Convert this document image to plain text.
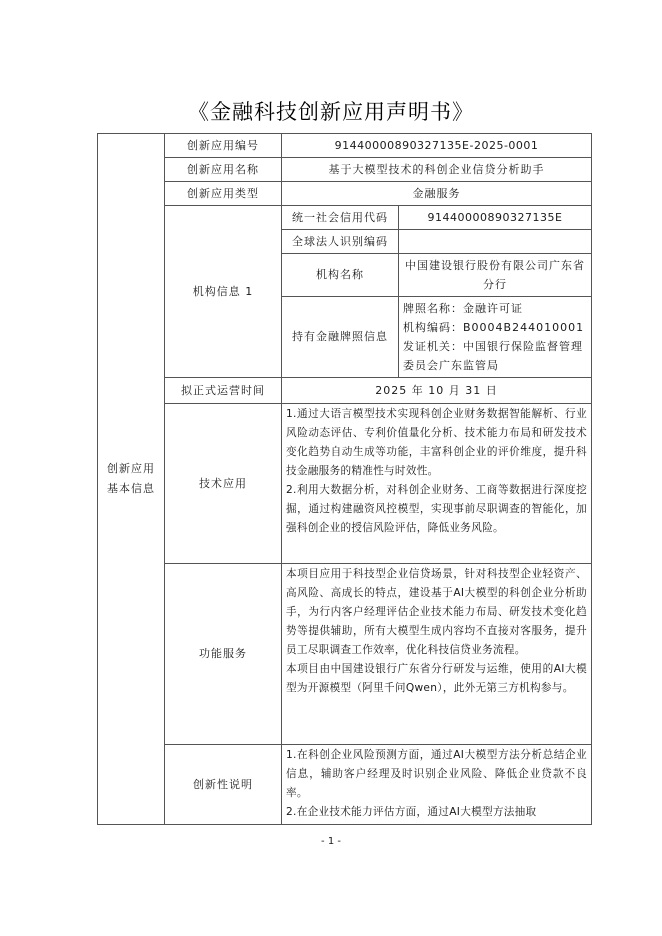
《金融科技创新应用声明书》
创新应用
基本信息	创新应用编号	91440000890327135E-2025-0001	
	创新应用名称	基于大模型技术的科创企业信贷分析助手	
	创新应用类型	金融服务	
	机构信息 1	统一社会信用代码	91440000890327135E
		全球法人识别编码	
		机构名称	中国建设银行股份有限公司广东省分行
		持有金融牌照信息	牌照名称：金融许可证
机构编码：B0004B244010001
发证机关：中国银行保险监督管理委员会广东监管局

	拟正式运营时间	2025 年 10 月 31 日	
	技术应用	1.通过大语言模型技术实现科创企业财务数据智能解析、行业风险动态评估、专利价值量化分析、技术能力布局和研发技术变化趋势自动生成等功能，丰富科创企业的评价维度，提升科技金融服务的精准性与时效性。

2.利用大数据分析，对科创企业财务、工商等数据进行深度挖掘，通过构建融资风控模型，实现事前尽职调查的智能化，加强科创企业的授信风险评估，降低业务风险。	

	功能服务	本项目应用于科技型企业信贷场景，针对科技型企业轻资产、高风险、高成长的特点，建设基于AI大模型的科创企业分析助手，为行内客户经理评估企业技术能力布局、研发技术变化趋势等提供辅助，所有大模型生成内容均不直接对客服务，提升员工尽职调查工作效率，优化科技信贷业务流程。

本项目由中国建设银行广东省分行研发与运维，使用的AI大模型为开源模型（阿里千问Qwen），此外无第三方机构参与。	

	创新性说明	1.在科创企业风险预测方面，通过AI大模型方法分析总结企业信息，辅助客户经理及时识别企业风险、降低企业贷款不良率。

2.在企业技术能力评估方面，通过AI大模型方法抽取	

- 1 -
